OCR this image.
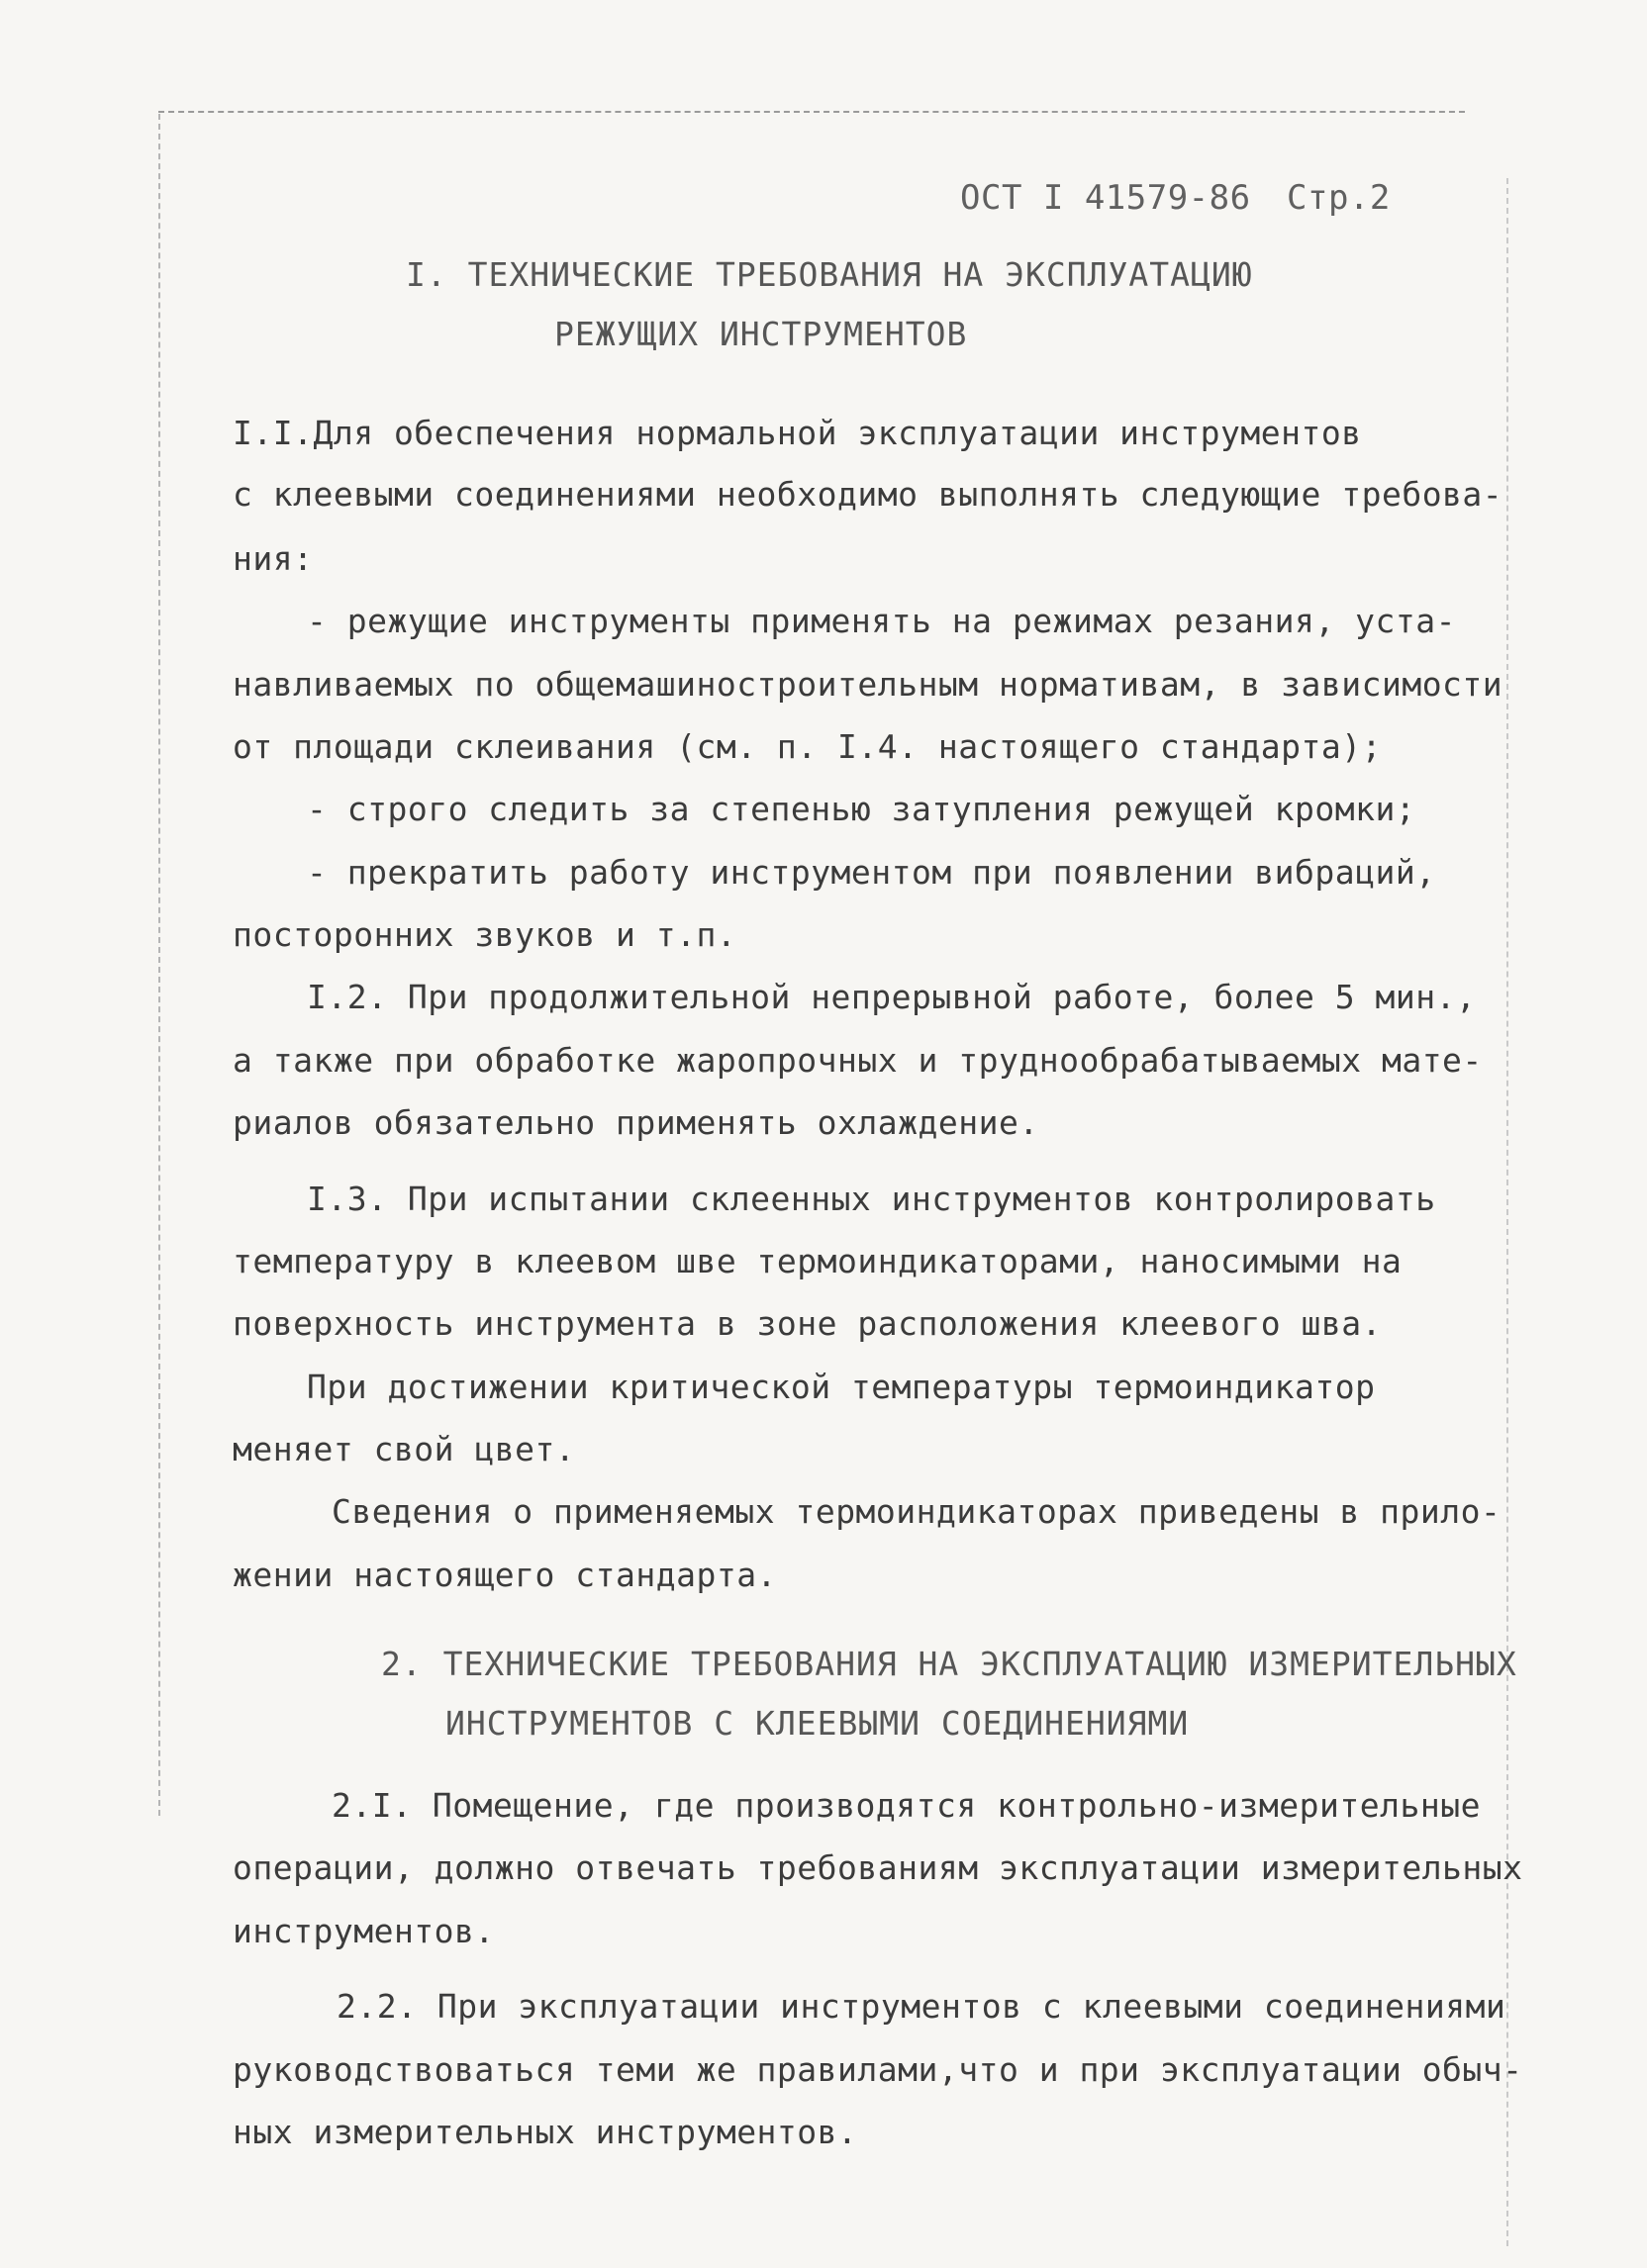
ОСТ I 41579-86 Стр.2
I. ТЕХНИЧЕСКИЕ ТРЕБОВАНИЯ НА ЭКСПЛУАТАЦИЮ
РЕЖУЩИХ ИНСТРУМЕНТОВ
I.I.Для обеспечения нормальной эксплуатации инструментов
с клеевыми соединениями необходимо выполнять следующие требова-
ния:
- режущие инструменты применять на режимах резания, уста-
навливаемых по общемашиностроительным нормативам, в зависимости
от площади склеивания (см. п. I.4. настоящего стандарта);
- строго следить за степенью затупления режущей кромки;
- прекратить работу инструментом при появлении вибраций,
посторонних звуков и т.п.
I.2. При продолжительной непрерывной работе, более 5 мин.,
а также при обработке жаропрочных и труднообрабатываемых мате-
риалов обязательно применять охлаждение.
I.3. При испытании склеенных инструментов контролировать
температуру в клеевом шве термоиндикаторами, наносимыми на
поверхность инструмента в зоне расположения клеевого шва.
При достижении критической температуры термоиндикатор
меняет свой цвет.
Сведения о применяемых термоиндикаторах приведены в прило-
жении настоящего стандарта.
2. ТЕХНИЧЕСКИЕ ТРЕБОВАНИЯ НА ЭКСПЛУАТАЦИЮ ИЗМЕРИТЕЛЬНЫХ
ИНСТРУМЕНТОВ С КЛЕЕВЫМИ СОЕДИНЕНИЯМИ
2.I. Помещение, где производятся контрольно-измерительные
операции, должно отвечать требованиям эксплуатации измерительных
инструментов.
2.2. При эксплуатации инструментов с клеевыми соединениями
руководствоваться теми же правилами,что и при эксплуатации обыч-
ных измерительных инструментов.
